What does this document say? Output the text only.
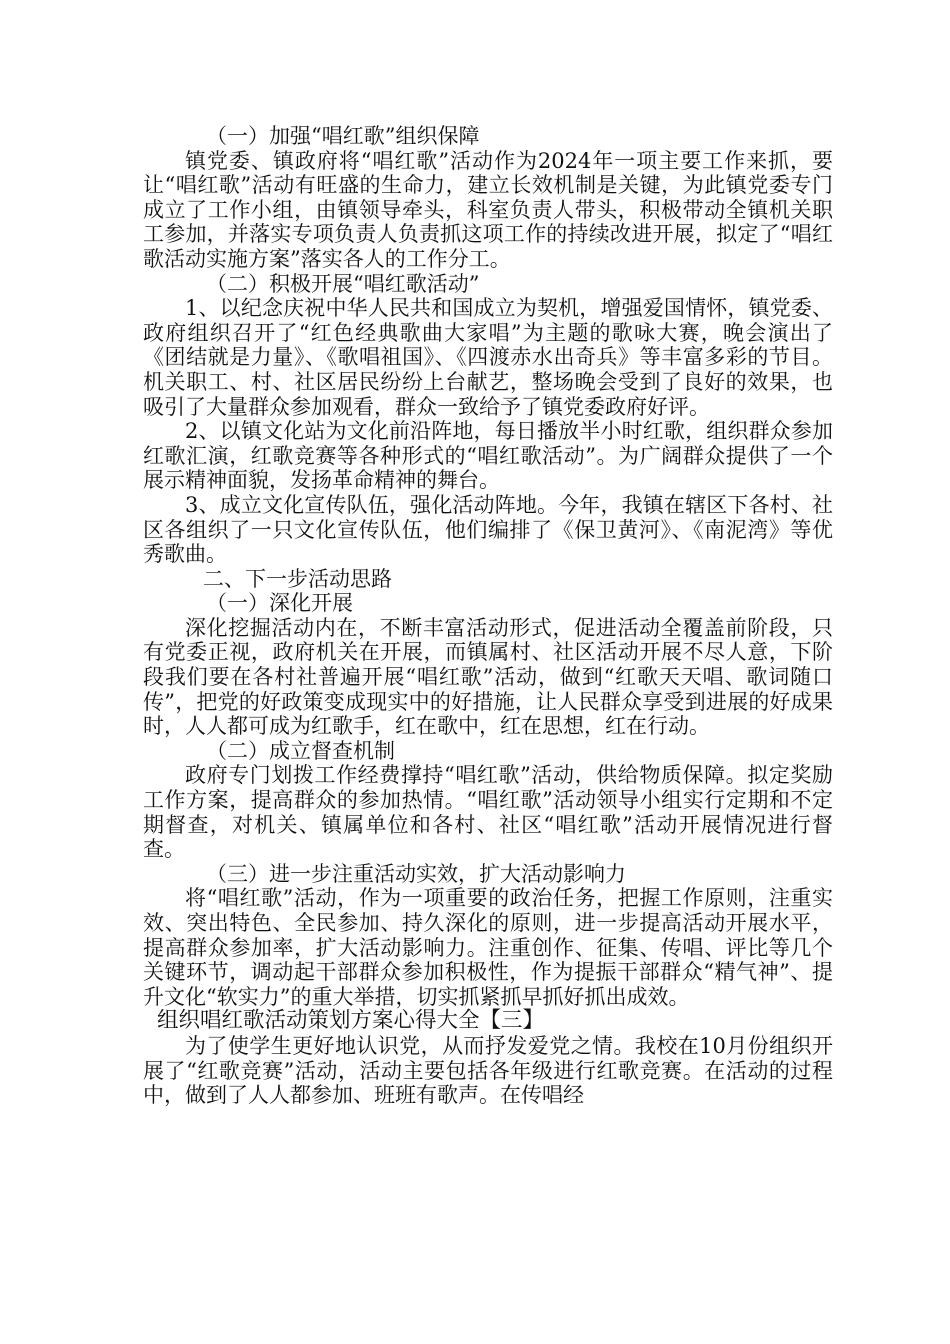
（一）加强“唱红歌”组织保障

镇党委、镇政府将“唱红歌”活动作为2024年一项主要工作来抓，要让“唱红歌”活动有旺盛的生命力，建立长效机制是关键，为此镇党委专门成立了工作小组，由镇领导牵头，科室负责人带头，积极带动全镇机关职工参加，并落实专项负责人负责抓这项工作的持续改进开展，拟定了“唱红歌活动实施方案”落实各人的工作分工。

（二）积极开展“唱红歌活动”

1、以纪念庆祝中华人民共和国成立为契机，增强爱国情怀，镇党委、政府组织召开了“红色经典歌曲大家唱”为主题的歌咏大赛，晚会演出了《团结就是力量》、《歌唱祖国》、《四渡赤水出奇兵》等丰富多彩的节目。机关职工、村、社区居民纷纷上台献艺，整场晚会受到了良好的效果，也吸引了大量群众参加观看，群众一致给予了镇党委政府好评。

2、以镇文化站为文化前沿阵地，每日播放半小时红歌，组织群众参加红歌汇演，红歌竞赛等各种形式的“唱红歌活动”。为广阔群众提供了一个展示精神面貌，发扬革命精神的舞台。

3、成立文化宣传队伍，强化活动阵地。今年，我镇在辖区下各村、社区各组织了一只文化宣传队伍，他们编排了《保卫黄河》、《南泥湾》等优秀歌曲。

二、下一步活动思路

（一）深化开展

深化挖掘活动内在，不断丰富活动形式，促进活动全覆盖前阶段，只有党委正视，政府机关在开展，而镇属村、社区活动开展不尽人意，下阶段我们要在各村社普遍开展“唱红歌”活动，做到“红歌天天唱、歌词随口传”，把党的好政策变成现实中的好措施，让人民群众享受到进展的好成果时，人人都可成为红歌手，红在歌中，红在思想，红在行动。

（二）成立督查机制

政府专门划拨工作经费撑持“唱红歌”活动，供给物质保障。拟定奖励工作方案，提高群众的参加热情。“唱红歌”活动领导小组实行定期和不定期督查，对机关、镇属单位和各村、社区“唱红歌”活动开展情况进行督查。

（三）进一步注重活动实效，扩大活动影响力

将“唱红歌”活动，作为一项重要的政治任务，把握工作原则，注重实效、突出特色、全民参加、持久深化的原则，进一步提高活动开展水平，提高群众参加率，扩大活动影响力。注重创作、征集、传唱、评比等几个关键环节，调动起干部群众参加积极性，作为提振干部群众“精气神”、提升文化“软实力”的重大举措，切实抓紧抓早抓好抓出成效。

组织唱红歌活动策划方案心得大全【三】

为了使学生更好地认识党，从而抒发爱党之情。我校在10月份组织开展了“红歌竞赛”活动，活动主要包括各年级进行红歌竞赛。在活动的过程中，做到了人人都参加、班班有歌声。在传唱经
